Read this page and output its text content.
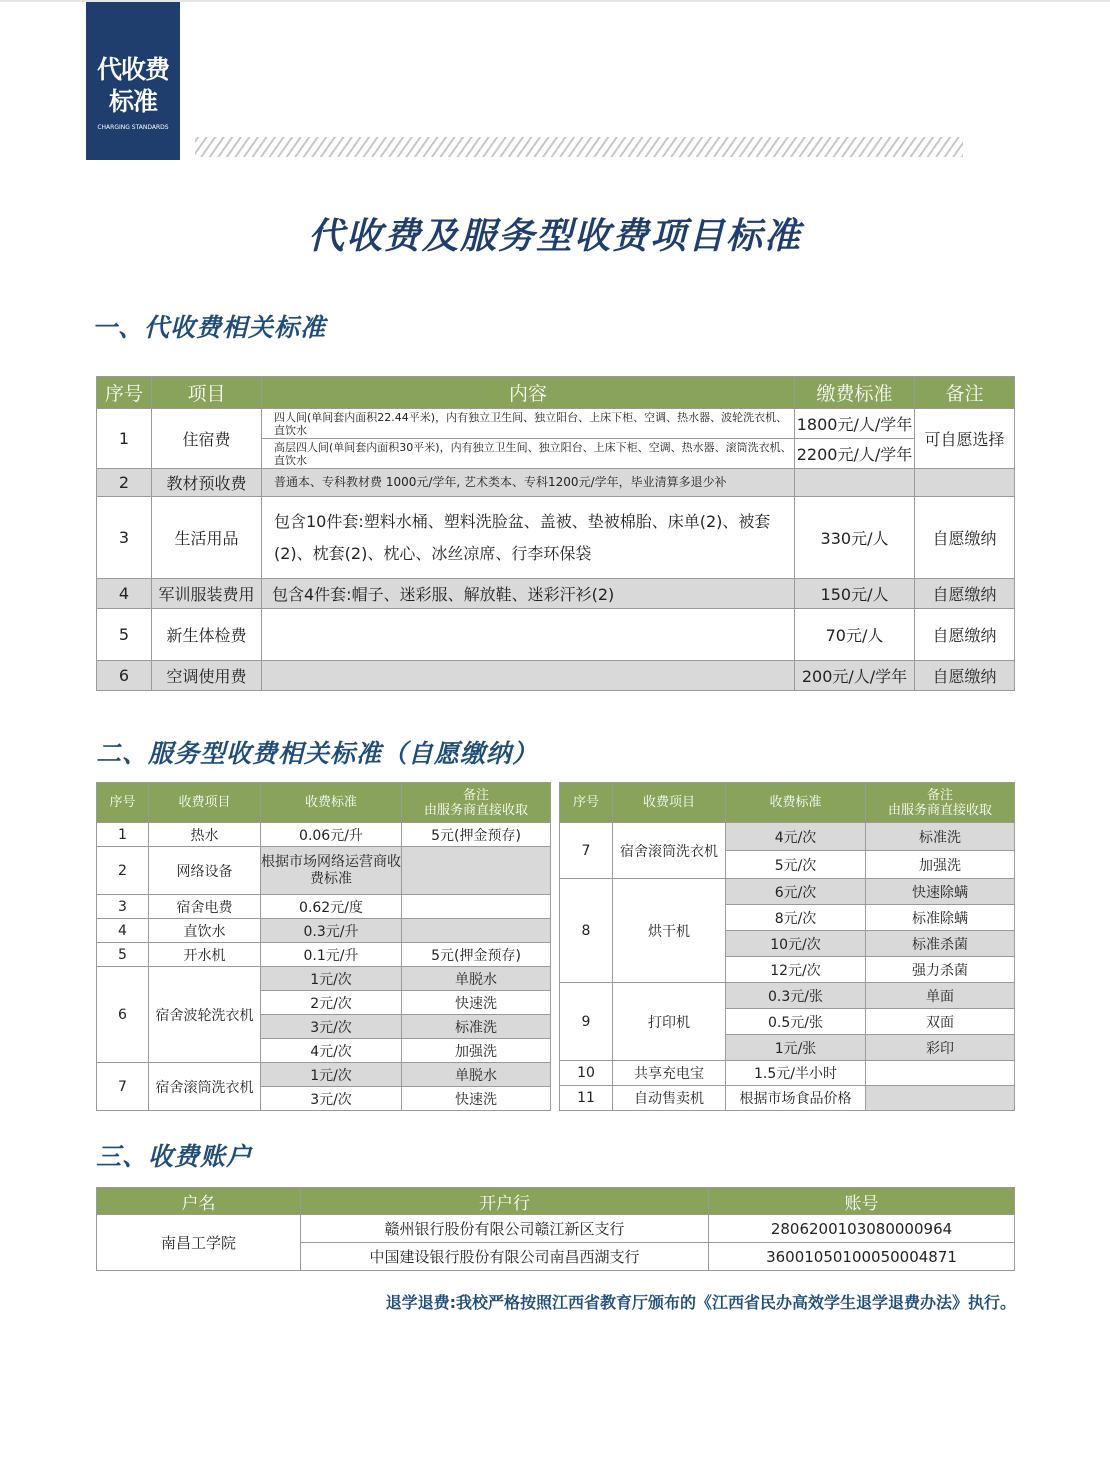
代收费
标准
CHARGING STANDARDS
代收费及服务型收费项目标准
一、代收费相关标准
序号	项目	内容	缴费标准	备注
1	住宿费	四人间(单间套内面积22.44平米)，内有独立卫生间、独立阳台、上床下柜、空调、热水器、波轮洗衣机、直饮水	1800元/人/学年	可自愿选择
		高层四人间(单间套内面积30平米)，内有独立卫生间、独立阳台、上床下柜、空调、热水器、滚筒洗衣机、直饮水	2200元/人/学年	
2	教材预收费	普通本、专科教材费 1000元/学年, 艺术类本、专科1200元/学年，毕业清算多退少补		
3	生活用品	包含10件套:塑料水桶、塑料洗脸盆、盖被、垫被棉胎、床单(2)、被套(2)、枕套(2)、枕心、冰丝凉席、行李环保袋	330元/人	自愿缴纳
4	军训服装费用	包含4件套:帽子、迷彩服、解放鞋、迷彩汗衫(2)	150元/人	自愿缴纳
5	新生体检费		70元/人	自愿缴纳
6	空调使用费		200元/人/学年	自愿缴纳
二、服务型收费相关标准（自愿缴纳）
序号	收费项目	收费标准	备注
由服务商直接收取

1	热水	0.06元/升	5元(押金预存)
2	网络设备	根据市场网络运营商收费标准	
3	宿舍电费	0.62元/度	
4	直饮水	0.3元/升	
5	开水机	0.1元/升	5元(押金预存)
6	宿舍波轮洗衣机	1元/次	单脱水
		2元/次	快速洗
		3元/次	标准洗
		4元/次	加强洗
7	宿舍滚筒洗衣机	1元/次	单脱水
		3元/次	快速洗
序号	收费项目	收费标准	备注
由服务商直接收取

7	宿舍滚筒洗衣机	4元/次	标准洗
		5元/次	加强洗
8	烘干机	6元/次	快速除螨
		8元/次	标准除螨
		10元/次	标准杀菌
		12元/次	强力杀菌
9	打印机	0.3元/张	单面
		0.5元/张	双面
		1元/张	彩印
10	共享充电宝	1.5元/半小时	
11	自动售卖机	根据市场食品价格	
三、收费账户
户名	开户行	账号
南昌工学院	赣州银行股份有限公司赣江新区支行	2806200103080000964
	中国建设银行股份有限公司南昌西湖支行	36001050100050004871
退学退费:我校严格按照江西省教育厅颁布的《江西省民办高效学生退学退费办法》执行。
